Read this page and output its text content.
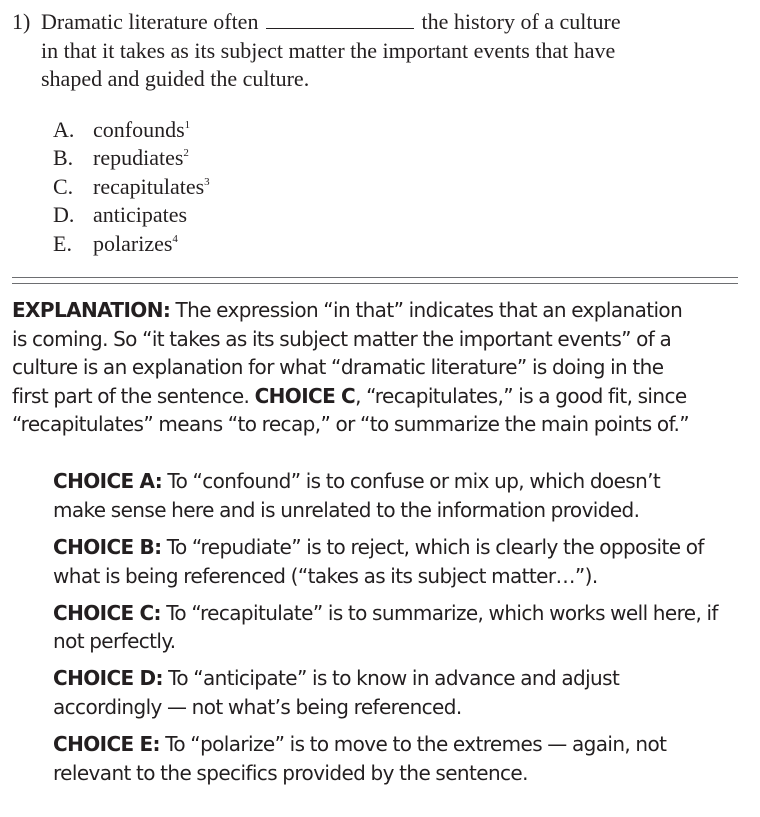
1) Dramatic literature often	the history of a culture
in that it takes as its subject matter the important events that have
shaped and guided the culture.
A. confounds$^1$
B. repudiates$^2$
C. recapitulates$^3$
D. anticipates
E. polarizes$^4$
EXPLANATION: The expression “in that” indicates that an explanation
is coming. So “it takes as its subject matter the important events” of a
culture is an explanation for what “dramatic literature” is doing in the
first part of the sentence. CHOICE C, “recapitulates,” is a good fit, since
“recapitulates” means “to recap,” or “to summarize the main points of.”
CHOICE A: To “confound” is to confuse or mix up, which doesn’t
make sense here and is unrelated to the information provided.
CHOICE B: To “repudiate” is to reject, which is clearly the opposite of
what is being referenced (“takes as its subject matter…”).
CHOICE C: To “recapitulate” is to summarize, which works well here, if
not perfectly.
CHOICE D: To “anticipate” is to know in advance and adjust
accordingly — not what’s being referenced.
CHOICE E: To “polarize” is to move to the extremes — again, not
relevant to the specifics provided by the sentence.
